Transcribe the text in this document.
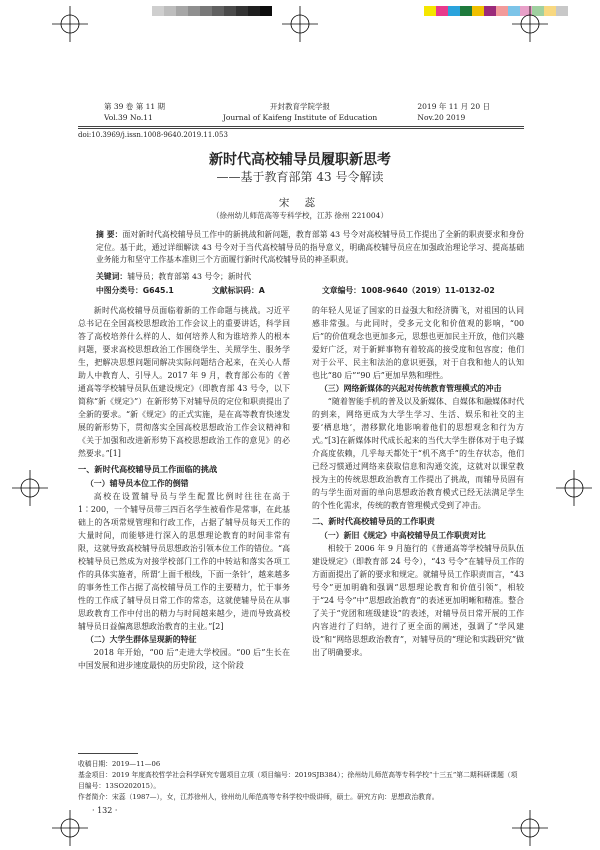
第 39 卷 第 11 期
Vol.39 No.11
开封教育学院学报
Journal of Kaifeng Institute of Education
2019 年 11 月 20 日
Nov.20 2019
doi:10.3969/j.issn.1008-9640.2019.11.053
新时代高校辅导员履职新思考
——基于教育部第 43 号令解读
宋 蕊
（徐州幼儿师范高等专科学校，江苏 徐州 221004）
摘 要：面对新时代高校辅导员工作中的新挑战和新问题，教育部第 43 号令对高校辅导员工作提出了全新的职责要求和身份定位。基于此，通过详细解读 43 号令对于当代高校辅导员的指导意义，明确高校辅导员应在加强政治理论学习、提高基础业务能力和坚守工作基本准则三个方面履行新时代高校辅导员的神圣职责。
关键词：辅导员；教育部第 43 号令；新时代
中图分类号：G645.1	文献标识码：A	文章编号：1008-9640（2019）11-0132-02

新时代高校辅导员面临着新的工作命题与挑战。习近平总书记在全国高校思想政治工作会议上的重要讲话，科学回答了高校培养什么样的人、如何培养人和为谁培养人的根本问题，要求高校思想政治工作围绕学生、关照学生、服务学生，把解决思想问题同解决实际问题结合起来，在关心人帮助人中教育人、引导人。2017 年 9 月，教育部公布的《普通高等学校辅导员队伍建设规定》（即教育部 43 号令，以下简称“新《规定》”）在新形势下对辅导员的定位和职责提出了全新的要求。“新《规定》的正式实施，是在高等教育快速发展的新形势下，贯彻落实全国高校思想政治工作会议精神和《关于加强和改进新形势下高校思想政治工作的意见》的必然要求。”[1]

一、新时代高校辅导员工作面临的挑战

（一）辅导员本位工作的倒错

高校在设置辅导员与学生配置比例时往往在高于 1∶200，一个辅导员带三四百名学生被看作是常事，在此基础上的各项常规管理和行政工作，占据了辅导员每天工作的大量时间，而能够进行深入的思想理论教育的时间非常有限，这就导致高校辅导员思想政治引领本位工作的错位。“高校辅导员已然成为对接学校部门工作的中转站和落实各项工作的具体实施者，所谓‘上面千根线，下面一条针’，越来越多的事务性工作占据了高校辅导员工作的主要精力，忙于事务性的工作成了辅导员日常工作的常态，这就使辅导员在从事思政教育工作中付出的精力与时间越来越少，进而导致高校辅导员日益偏离思想政治教育的主业。”[2]

（二）大学生群体呈现新的特征

2018 年开始，“00 后”走进大学校园。“00 后”生长在中国发展和进步速度最快的历史阶段，这个阶段

的年轻人见证了国家的日益强大和经济腾飞，对祖国的认同感非常强。与此同时，受多元文化和价值观的影响，“00 后”的价值观念也更加多元，思想也更加民主开放，他们兴趣爱好广泛，对于新鲜事物有着较高的接受度和包容度；他们对于公平、民主和法治的意识更强，对于自我和他人的认知也比“80 后”“90 后”更加早熟和理性。

（三）网络新媒体的兴起对传统教育管理模式的冲击

“随着智能手机的普及以及新媒体、自媒体和融媒体时代的到来，网络更成为大学生学习、生活、娱乐和社交的主要‘栖息地’，潜移默化地影响着他们的思想观念和行为方式。”[3]在新媒体时代成长起来的当代大学生群体对于电子媒介高度依赖，几乎每天都处于“机不离手”的生存状态，他们已经习惯通过网络来获取信息和沟通交流，这就对以课堂教授为主的传统思想政治教育工作提出了挑战，而辅导员固有的与学生面对面的单向思想政治教育模式已经无法满足学生的个性化需求，传统的教育管理模式受到了冲击。

二、新时代高校辅导员的工作职责

（一）新旧《规定》中高校辅导员工作职责对比

相较于 2006 年 9 月施行的《普通高等学校辅导员队伍建设规定》（即教育部 24 号令），“43 号令”在辅导员工作的方面面提出了新的要求和规定。就辅导员工作职责而言，“43 号令”更加明确和强调“思想理论教育和价值引领”，相较于“24 号令”中“思想政治教育”的表述更加明晰和精准。整合了关于“党团和班级建设”的表述，对辅导员日常开展的工作内容进行了归纳，进行了更全面的阐述，强调了“学风建设”和“网络思想政治教育”，对辅导员的“理论和实践研究”做出了明确要求。

收稿日期：2019—11—06

基金项目：2019 年度高校哲学社会科学研究专题项目立项（项目编号：2019SJB384）；徐州幼儿师范高等专科学校“十三五”第二期科研课题（项目编号：13SO202015）。

作者简介：宋蕊（1987—），女，江苏徐州人，徐州幼儿师范高等专科学校中级讲师，硕士。研究方向：思想政治教育。

· 132 ·
